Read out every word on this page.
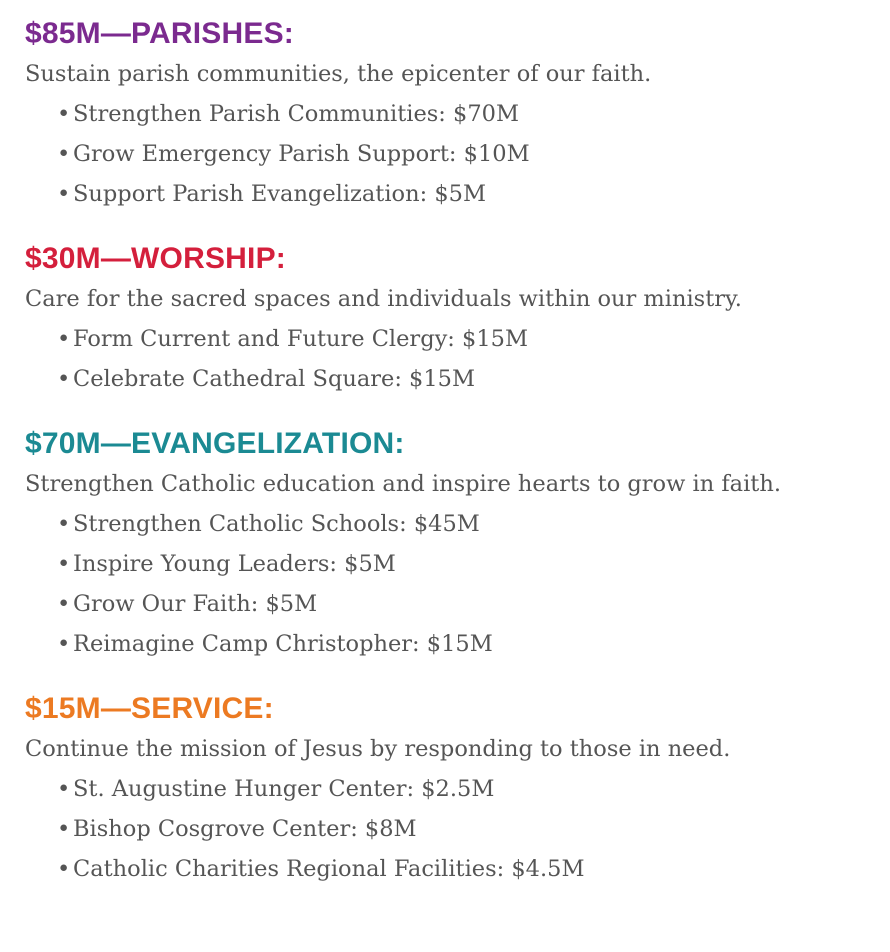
$85M—PARISHES:

Sustain parish communities, the epicenter of our faith.

• Strengthen Parish Communities: $70M
• Grow Emergency Parish Support: $10M
• Support Parish Evangelization: $5M
$30M—WORSHIP:

Care for the sacred spaces and individuals within our ministry.

• Form Current and Future Clergy: $15M
• Celebrate Cathedral Square: $15M
$70M—EVANGELIZATION:

Strengthen Catholic education and inspire hearts to grow in faith.

• Strengthen Catholic Schools: $45M
• Inspire Young Leaders: $5M
• Grow Our Faith: $5M
• Reimagine Camp Christopher: $15M
$15M—SERVICE:

Continue the mission of Jesus by responding to those in need.

• St. Augustine Hunger Center: $2.5M
• Bishop Cosgrove Center: $8M
• Catholic Charities Regional Facilities: $4.5M
